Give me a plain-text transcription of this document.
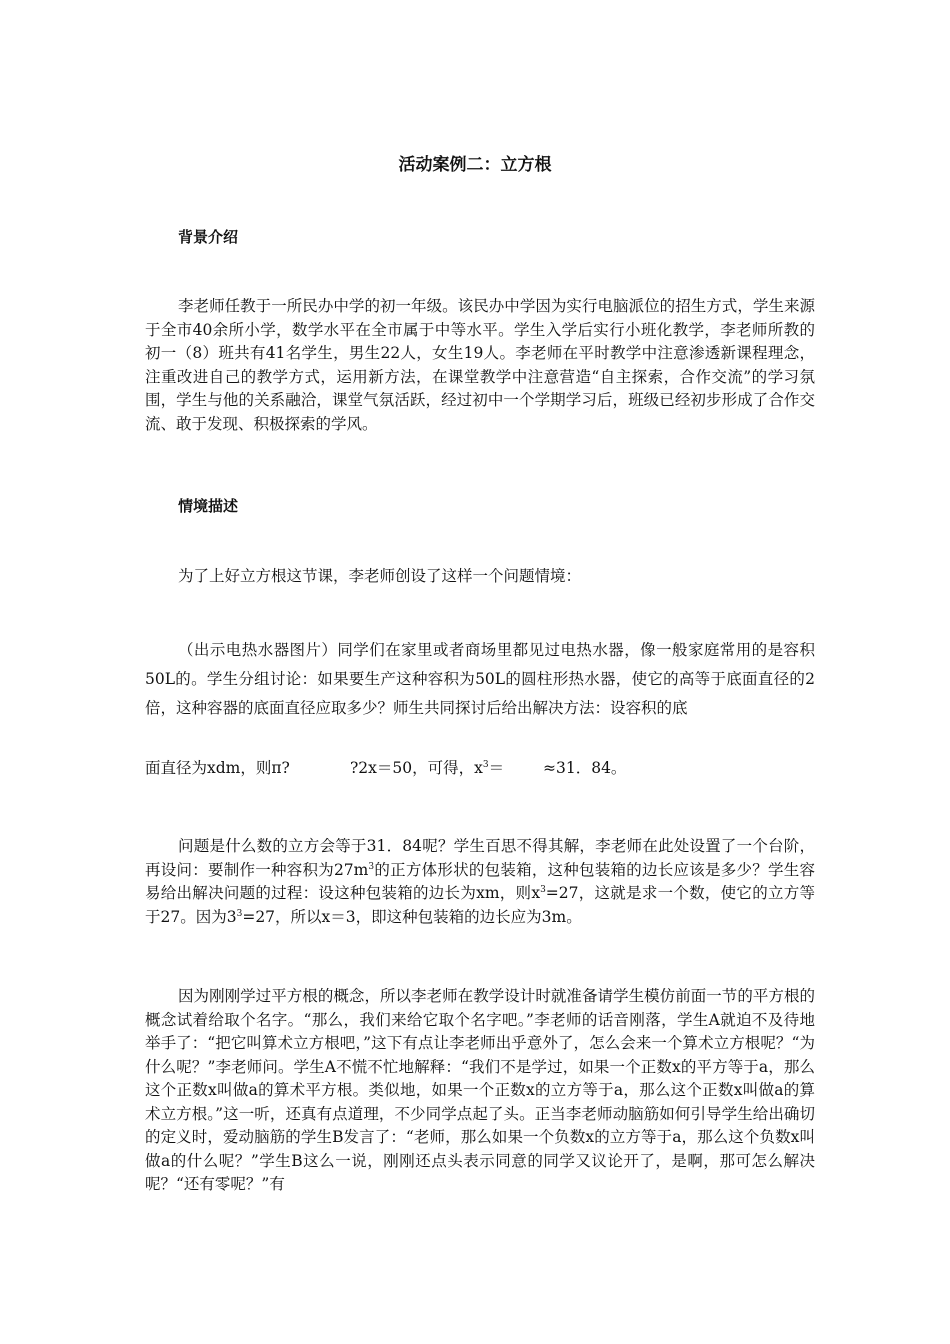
活动案例二：立方根
背景介绍

李老师任教于一所民办中学的初一年级。该民办中学因为实行电脑派位的招生方式，学生来源于全市40余所小学，数学水平在全市属于中等水平。学生入学后实行小班化教学，李老师所教的初一（8）班共有41名学生，男生22人，女生19人。李老师在平时教学中注意渗透新课程理念，注重改进自己的教学方式，运用新方法，在课堂教学中注意营造“自主探索，合作交流”的学习氛围，学生与他的关系融洽，课堂气氛活跃，经过初中一个学期学习后，班级已经初步形成了合作交流、敢于发现、积极探索的学风。

情境描述

为了上好立方根这节课，李老师创设了这样一个问题情境：

（出示电热水器图片）同学们在家里或者商场里都见过电热水器，像一般家庭常用的是容积50L的。学生分组讨论：如果要生产这种容积为50L的圆柱形热水器，使它的高等于底面直径的2倍，这种容器的底面直径应取多少？师生共同探讨后给出解决方法：设容积的底

面直径为xdm，则π?	?2x＝50，可得，$x^3=$	≈31．84。

问题是什么数的立方会等于31．84呢？学生百思不得其解，李老师在此处设置了一个台阶，再设问：要制作一种容积为$27m^3$的正方体形状的包装箱，这种包装箱的边长应该是多少？学生容易给出解决问题的过程：设这种包装箱的边长为xm，则$x^3=27$，这就是求一个数，使它的立方等于27。因为$3^3=27$，所以x＝3，即这种包装箱的边长应为3m。

因为刚刚学过平方根的概念，所以李老师在教学设计时就准备请学生模仿前面一节的平方根的概念试着给取个名字。“那么，我们来给它取个名字吧。”李老师的话音刚落，学生A就迫不及待地举手了：“把它叫算术立方根吧，”这下有点让李老师出乎意外了，怎么会来一个算术立方根呢？“为什么呢？”李老师问。学生A不慌不忙地解释：“我们不是学过，如果一个正数x的平方等于a，那么这个正数x叫做a的算术平方根。类似地，如果一个正数x的立方等于a，那么这个正数x叫做a的算术立方根。”这一听，还真有点道理，不少同学点起了头。正当李老师动脑筋如何引导学生给出确切的定义时，爱动脑筋的学生B发言了：“老师，那么如果一个负数x的立方等于a，那么这个负数x叫做a的什么呢？”学生B这么一说，刚刚还点头表示同意的同学又议论开了，是啊，那可怎么解决呢？“还有零呢？”有
